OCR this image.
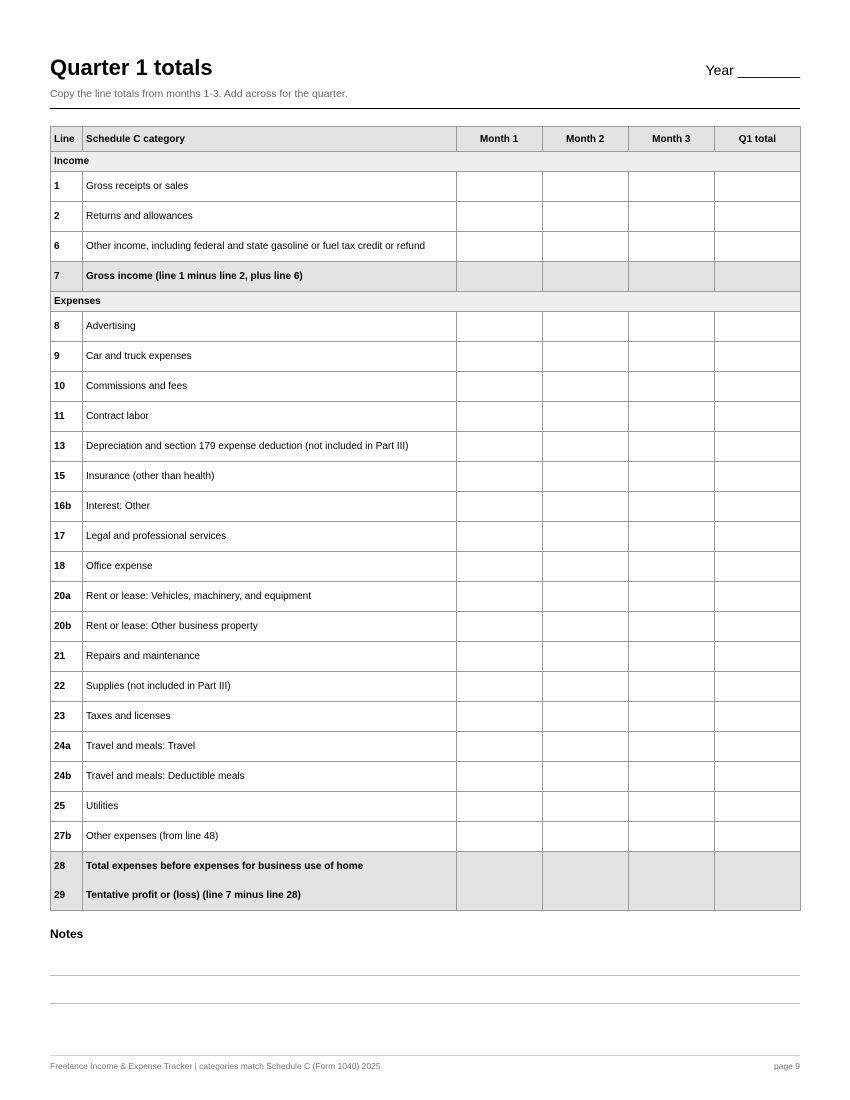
Quarter 1 totals	Year ________
Copy the line totals from months 1-3. Add across for the quarter.
Line	Schedule C category	Month 1	Month 2	Month 3	Q1 total
Income					
1	Gross receipts or sales				
2	Returns and allowances				
6	Other income, including federal and state gasoline or fuel tax credit or refund				
7	Gross income (line 1 minus line 2, plus line 6)				
Expenses					
8	Advertising				
9	Car and truck expenses				
10	Commissions and fees				
11	Contract labor				
13	Depreciation and section 179 expense deduction (not included in Part III)				
15	Insurance (other than health)				
16b	Interest: Other				
17	Legal and professional services				
18	Office expense				
20a	Rent or lease: Vehicles, machinery, and equipment				
20b	Rent or lease: Other business property				
21	Repairs and maintenance				
22	Supplies (not included in Part III)				
23	Taxes and licenses				
24a	Travel and meals: Travel				
24b	Travel and meals: Deductible meals				
25	Utilities				
27b	Other expenses (from line 48)				
28	Total expenses before expenses for business use of home				
29	Tentative profit or (loss) (line 7 minus line 28)				
Notes
Freelance Income & Expense Tracker | categories match Schedule C (Form 1040) 2025	page 9
